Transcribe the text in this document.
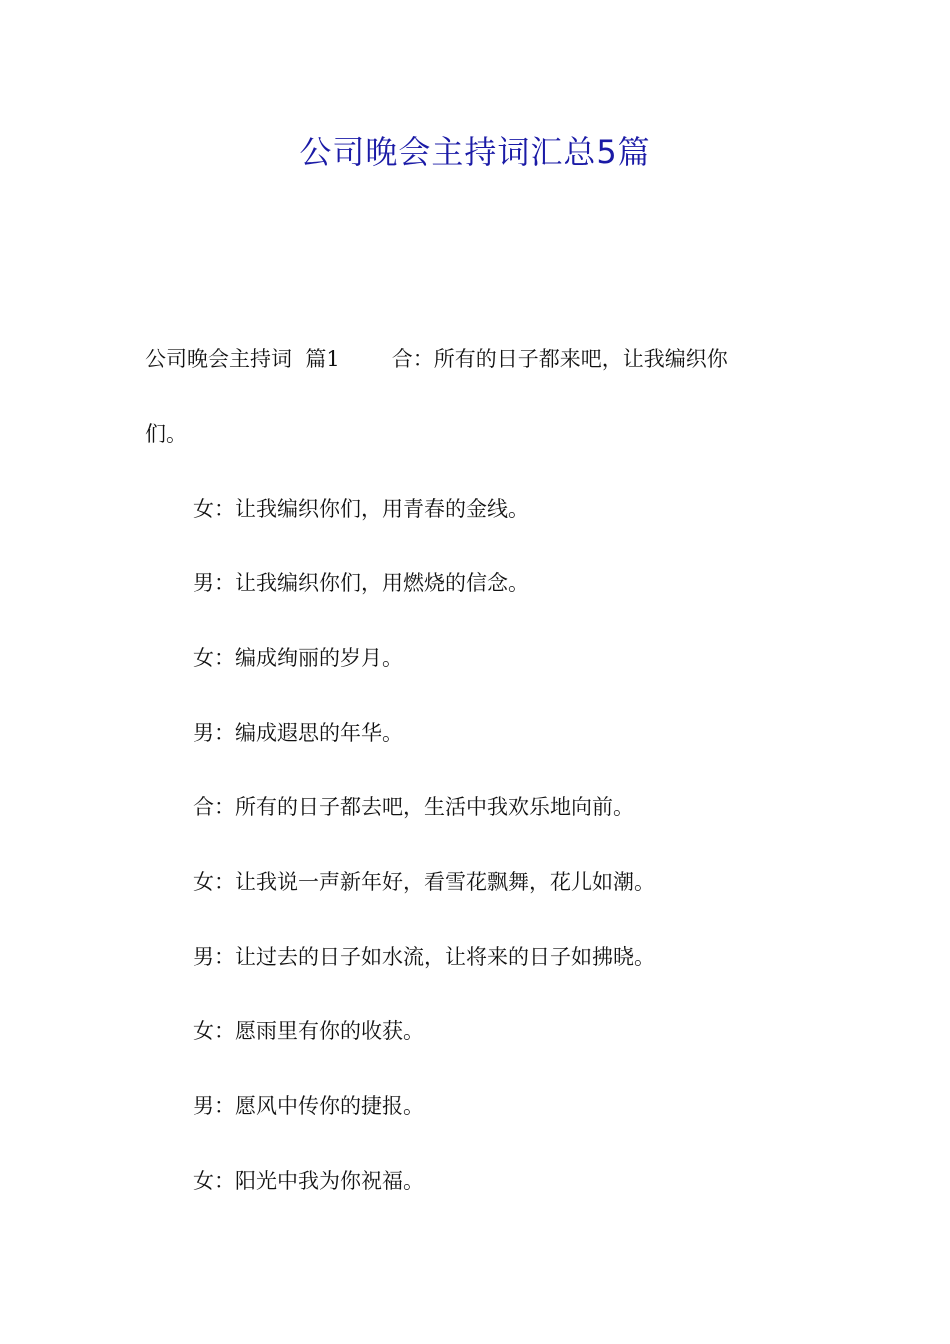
公司晚会主持词汇总5篇
公司晚会主持词  篇1 合：所有的日子都来吧，让我编织你
们。
女：让我编织你们，用青春的金线。
男：让我编织你们，用燃烧的信念。
女：编成绚丽的岁月。
男：编成遐思的年华。
合：所有的日子都去吧，生活中我欢乐地向前。
女：让我说一声新年好，看雪花飘舞，花儿如潮。
男：让过去的日子如水流，让将来的日子如拂晓。
女：愿雨里有你的收获。
男：愿风中传你的捷报。
女：阳光中我为你祝福。
